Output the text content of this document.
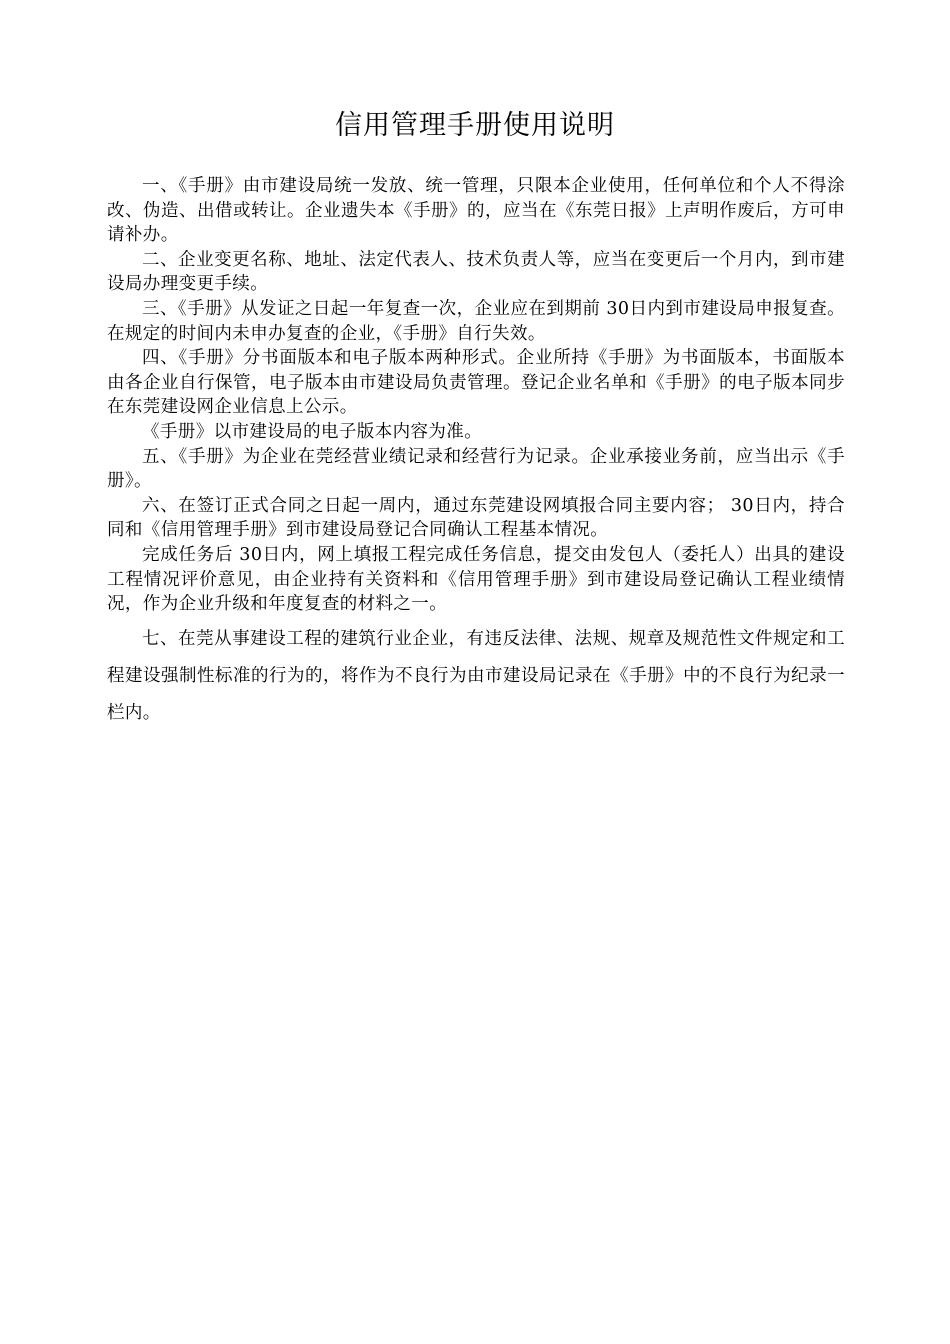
信用管理手册使用说明

一、《手册》由市建设局统一发放、统一管理，只限本企业使用，任何单位和个人不得涂改、伪造、出借或转让。企业遗失本《手册》的，应当在《东莞日报》上声明作废后，方可申请补办。

二、企业变更名称、地址、法定代表人、技术负责人等，应当在变更后一个月内，到市建设局办理变更手续。

三、《手册》从发证之日起一年复查一次，企业应在到期前 30日内到市建设局申报复查。在规定的时间内未申办复查的企业，《手册》自行失效。

四、《手册》分书面版本和电子版本两种形式。企业所持《手册》为书面版本，书面版本由各企业自行保管，电子版本由市建设局负责管理。登记企业名单和《手册》的电子版本同步在东莞建设网企业信息上公示。

《手册》以市建设局的电子版本内容为准。

五、《手册》为企业在莞经营业绩记录和经营行为记录。企业承接业务前，应当出示《手册》。

六、在签订正式合同之日起一周内，通过东莞建设网填报合同主要内容； 30日内，持合同和《信用管理手册》到市建设局登记合同确认工程基本情况。

完成任务后 30日内，网上填报工程完成任务信息，提交由发包人（委托人）出具的建设工程情况评价意见，由企业持有关资料和《信用管理手册》到市建设局登记确认工程业绩情况，作为企业升级和年度复查的材料之一。

七、在莞从事建设工程的建筑行业企业，有违反法律、法规、规章及规范性文件规定和工程建设强制性标准的行为的，将作为不良行为由市建设局记录在《手册》中的不良行为纪录一栏内。
